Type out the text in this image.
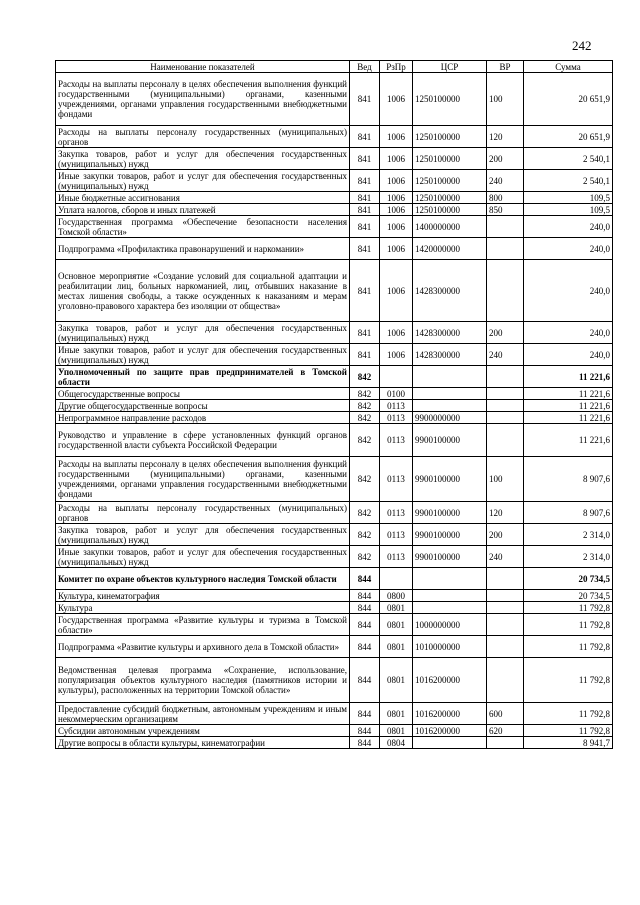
242
Наименование показателей	Вед	РзПр	ЦСР	ВР	Сумма
Расходы на выплаты персоналу в целях обеспечения выполнения функций государственными (муниципальными) органами, казенными учреждениями, органами управления государственными внебюджетными фондами	841	1006	1250100000	100	20 651,9
Расходы на выплаты персоналу государственных (муниципальных) органов	841	1006	1250100000	120	20 651,9
Закупка товаров, работ и услуг для обеспечения государственных (муниципальных) нужд	841	1006	1250100000	200	2 540,1
Иные закупки товаров, работ и услуг для обеспечения государственных (муниципальных) нужд	841	1006	1250100000	240	2 540,1
Иные бюджетные ассигнования	841	1006	1250100000	800	109,5
Уплата налогов, сборов и иных платежей	841	1006	1250100000	850	109,5
Государственная программа «Обеспечение безопасности населения Томской области»	841	1006	1400000000		240,0
Подпрограмма «Профилактика правонарушений и наркомании»	841	1006	1420000000		240,0
Основное мероприятие «Создание условий для социальной адаптации и реабилитации лиц, больных наркоманией, лиц, отбывших наказание в местах лишения свободы, а также осужденных к наказаниям и мерам уголовно-правового характера без изоляции от общества»	841	1006	1428300000		240,0
Закупка товаров, работ и услуг для обеспечения государственных (муниципальных) нужд	841	1006	1428300000	200	240,0
Иные закупки товаров, работ и услуг для обеспечения государственных (муниципальных) нужд	841	1006	1428300000	240	240,0
Уполномоченный по защите прав предпринимателей в Томской области	842				11 221,6
Общегосударственные вопросы	842	0100			11 221,6
Другие общегосударственные вопросы	842	0113			11 221,6
Непрограммное направление расходов	842	0113	9900000000		11 221,6
Руководство и управление в сфере установленных функций органов государственной власти субъекта Российской Федерации	842	0113	9900100000		11 221,6
Расходы на выплаты персоналу в целях обеспечения выполнения функций государственными (муниципальными) органами, казенными учреждениями, органами управления государственными внебюджетными фондами	842	0113	9900100000	100	8 907,6
Расходы на выплаты персоналу государственных (муниципальных) органов	842	0113	9900100000	120	8 907,6
Закупка товаров, работ и услуг для обеспечения государственных (муниципальных) нужд	842	0113	9900100000	200	2 314,0
Иные закупки товаров, работ и услуг для обеспечения государственных (муниципальных) нужд	842	0113	9900100000	240	2 314,0
Комитет по охране объектов культурного наследия Томской области	844				20 734,5
Культура, кинематография	844	0800			20 734,5
Культура	844	0801			11 792,8
Государственная программа «Развитие культуры и туризма в Томской области»	844	0801	1000000000		11 792,8
Подпрограмма «Развитие культуры и архивного дела в Томской области»	844	0801	1010000000		11 792,8
Ведомственная целевая программа «Сохранение, использование, популяризация объектов культурного наследия (памятников истории и культуры), расположенных на территории Томской области»	844	0801	1016200000		11 792,8
Предоставление субсидий бюджетным, автономным учреждениям и иным некоммерческим организациям	844	0801	1016200000	600	11 792,8
Субсидии автономным учреждениям	844	0801	1016200000	620	11 792,8
Другие вопросы в области культуры, кинематографии	844	0804			8 941,7
